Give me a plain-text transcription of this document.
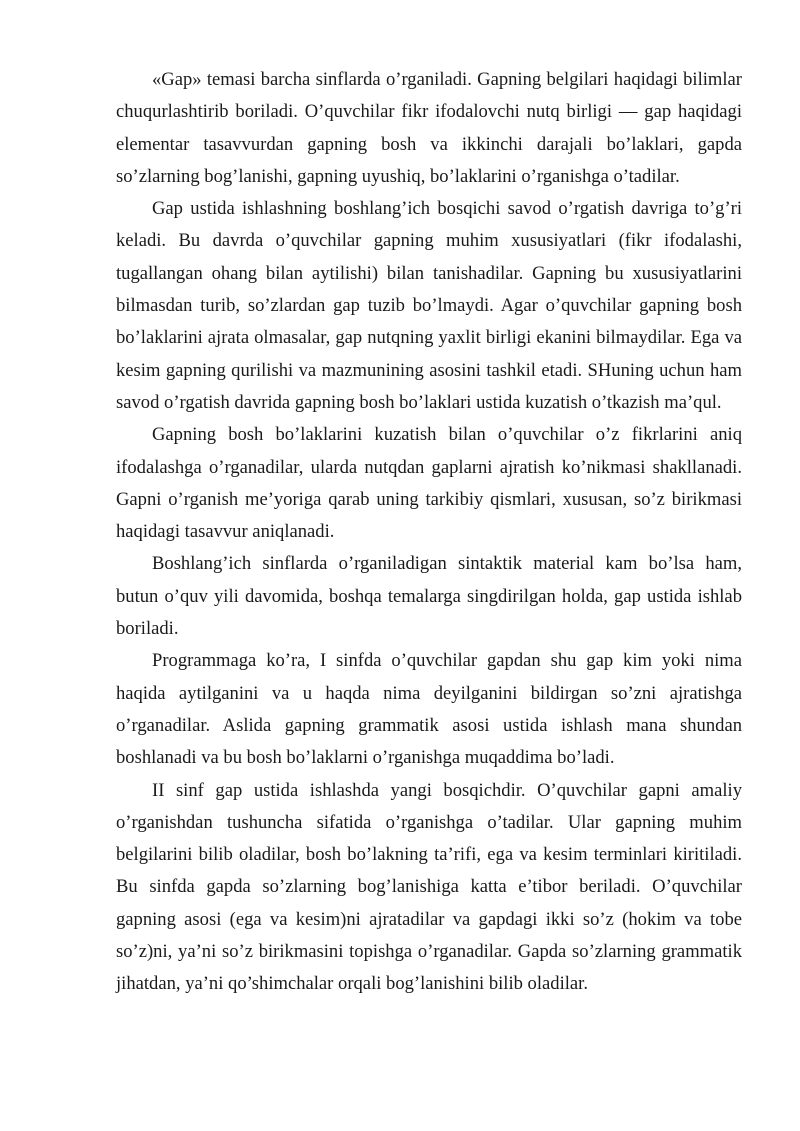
«Gap» temasi barcha sinflarda o’rganiladi. Gapning belgilari haqidagi bilimlar chuqurlashtirib boriladi. O’quvchilar fikr ifodalovchi nutq birligi — gap haqidagi elementar tasavvurdan gapning bosh va ikkinchi darajali bo’laklari, gapda so’zlarning bog’lanishi, gapning uyushiq, bo’laklarini o’rganishga o’tadilar.

Gap ustida ishlashning boshlang’ich bosqichi savod o’rgatish davriga to’g’ri keladi. Bu davrda o’quvchilar gapning muhim xususiyatlari (fikr ifodalashi, tugallangan ohang bilan aytilishi) bilan tanishadilar. Gapning bu xususiyatlarini bilmasdan turib, so’zlardan gap tuzib bo’lmaydi. Agar o’quvchilar gapning bosh bo’laklarini ajrata olmasalar, gap nutqning yaxlit birligi ekanini bilmaydilar. Ega va kesim gapning qurilishi va mazmunining asosini tashkil etadi. SHuning uchun ham savod o’rgatish davrida gapning bosh bo’laklari ustida kuzatish o’tkazish ma’qul.

Gapning bosh bo’laklarini kuzatish bilan o’quvchilar o’z fikrlarini aniq ifodalashga o’rganadilar, ularda nutqdan gaplarni ajratish ko’nikmasi shakllanadi. Gapni o’rganish me’yoriga qarab uning tarkibiy qismlari, xususan, so’z birikmasi haqidagi tasavvur aniqlanadi.

Boshlang’ich sinflarda o’rganiladigan sintaktik material kam bo’lsa ham, butun o’quv yili davomida, boshqa temalarga singdirilgan holda, gap ustida ishlab boriladi.

Programmaga ko’ra, I sinfda o’quvchilar gapdan shu gap kim yoki nima haqida aytilganini va u haqda nima deyilganini bildirgan so’zni ajratishga o’rganadilar. Aslida gapning grammatik asosi ustida ishlash mana shundan boshlanadi va bu bosh bo’laklarni o’rganishga muqaddima bo’ladi.

II sinf gap ustida ishlashda yangi bosqichdir. O’quvchilar gapni amaliy o’rganishdan tushuncha sifatida o’rganishga o’tadilar. Ular gapning muhim belgilarini bilib oladilar, bosh bo’lakning ta’rifi, ega va kesim terminlari kiritiladi. Bu sinfda gapda so’zlarning bog’lanishiga katta e’tibor beriladi. O’quvchilar gapning asosi (ega va kesim)ni ajratadilar va gapdagi ikki so’z (hokim va tobe so’z)ni, ya’ni so’z birikmasini topishga o’rganadilar. Gapda so’zlarning grammatik jihatdan, ya’ni qo’shimchalar orqali bog’lanishini bilib oladilar.
